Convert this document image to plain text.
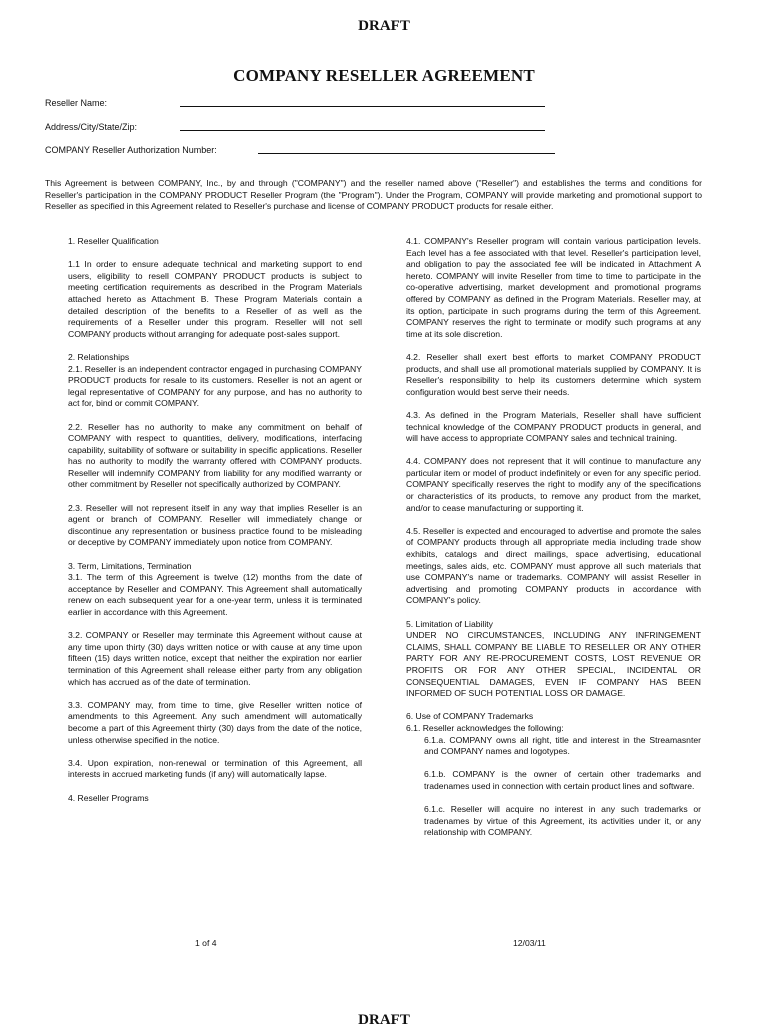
DRAFT
COMPANY RESELLER AGREEMENT
Reseller Name:
Address/City/State/Zip:
COMPANY Reseller Authorization Number:
This Agreement is between COMPANY, Inc., by and through ("COMPANY") and the reseller named above ("Reseller") and establishes the terms and conditions for Reseller's participation in the COMPANY PRODUCT Reseller Program (the "Program"). Under the Program, COMPANY will provide marketing and promotional support to Reseller as specified in this Agreement related to Reseller's purchase and license of COMPANY PRODUCT products for resale either.

1. Reseller Qualification

1.1 In order to ensure adequate technical and marketing support to end users, eligibility to resell COMPANY PRODUCT products is subject to meeting certification requirements as described in the Program Materials attached hereto as Attachment B. These Program Materials contain a detailed description of the benefits to a Reseller of as well as the requirements of a Reseller under this program. Reseller will not sell COMPANY products without arranging for adequate post-sales support.

2. Relationships

2.1. Reseller is an independent contractor engaged in purchasing COMPANY PRODUCT products for resale to its customers. Reseller is not an agent or legal representative of COMPANY for any purpose, and has no authority to act for, bind or commit COMPANY.

2.2. Reseller has no authority to make any commitment on behalf of COMPANY with respect to quantities, delivery, modifications, interfacing capability, suitability of software or suitability in specific applications. Reseller has no authority to modify the warranty offered with COMPANY products. Reseller will indemnify COMPANY from liability for any modified warranty or other commitment by Reseller not specifically authorized by COMPANY.

2.3. Reseller will not represent itself in any way that implies Reseller is an agent or branch of COMPANY. Reseller will immediately change or discontinue any representation or business practice found to be misleading or deceptive by COMPANY immediately upon notice from COMPANY.

3. Term, Limitations, Termination

3.1. The term of this Agreement is twelve (12) months from the date of acceptance by Reseller and COMPANY. This Agreement shall automatically renew on each subsequent year for a one-year term, unless it is terminated earlier in accordance with this Agreement.

3.2. COMPANY or Reseller may terminate this Agreement without cause at any time upon thirty (30) days written notice or with cause at any time upon fifteen (15) days written notice, except that neither the expiration nor earlier termination of this Agreement shall release either party from any obligation which has accrued as of the date of termination.

3.3. COMPANY may, from time to time, give Reseller written notice of amendments to this Agreement. Any such amendment will automatically become a part of this Agreement thirty (30) days from the date of the notice, unless otherwise specified in the notice.

3.4. Upon expiration, non-renewal or termination of this Agreement, all interests in accrued marketing funds (if any) will automatically lapse.

4. Reseller Programs

4.1. COMPANY's Reseller program will contain various participation levels. Each level has a fee associated with that level. Reseller's participation level, and obligation to pay the associated fee will be indicated in Attachment A hereto. COMPANY will invite Reseller from time to time to participate in the co-operative advertising, market development and promotional programs offered by COMPANY as defined in the Program Materials. Reseller may, at its option, participate in such programs during the term of this Agreement. COMPANY reserves the right to terminate or modify such programs at any time at its sole discretion.

4.2. Reseller shall exert best efforts to market COMPANY PRODUCT products, and shall use all promotional materials supplied by COMPANY. It is Reseller's responsibility to help its customers determine which system configuration would best serve their needs.

4.3. As defined in the Program Materials, Reseller shall have sufficient technical knowledge of the COMPANY PRODUCT products in general, and will have access to appropriate COMPANY sales and technical training.

4.4. COMPANY does not represent that it will continue to manufacture any particular item or model of product indefinitely or even for any specific period. COMPANY specifically reserves the right to modify any of the specifications or characteristics of its products, to remove any product from the market, and/or to cease manufacturing or supporting it.

4.5. Reseller is expected and encouraged to advertise and promote the sales of COMPANY products through all appropriate media including trade show exhibits, catalogs and direct mailings, space advertising, educational meetings, sales aids, etc. COMPANY must approve all such materials that use COMPANY's name or trademarks. COMPANY will assist Reseller in advertising and promoting COMPANY products in accordance with COMPANY's policy.

5. Limitation of Liability

UNDER NO CIRCUMSTANCES, INCLUDING ANY INFRINGEMENT CLAIMS, SHALL COMPANY BE LIABLE TO RESELLER OR ANY OTHER PARTY FOR ANY RE-PROCUREMENT COSTS, LOST REVENUE OR PROFITS OR FOR ANY OTHER SPECIAL, INCIDENTAL OR CONSEQUENTIAL DAMAGES, EVEN IF COMPANY HAS BEEN INFORMED OF SUCH POTENTIAL LOSS OR DAMAGE.

6. Use of COMPANY Trademarks

6.1. Reseller acknowledges the following:

6.1.a. COMPANY owns all right, title and interest in the Streamasnter and COMPANY names and logotypes.

6.1.b. COMPANY is the owner of certain other trademarks and tradenames used in connection with certain product lines and software.

6.1.c. Reseller will acquire no interest in any such trademarks or tradenames by virtue of this Agreement, its activities under it, or any relationship with COMPANY.

1 of 4	12/03/11
DRAFT
